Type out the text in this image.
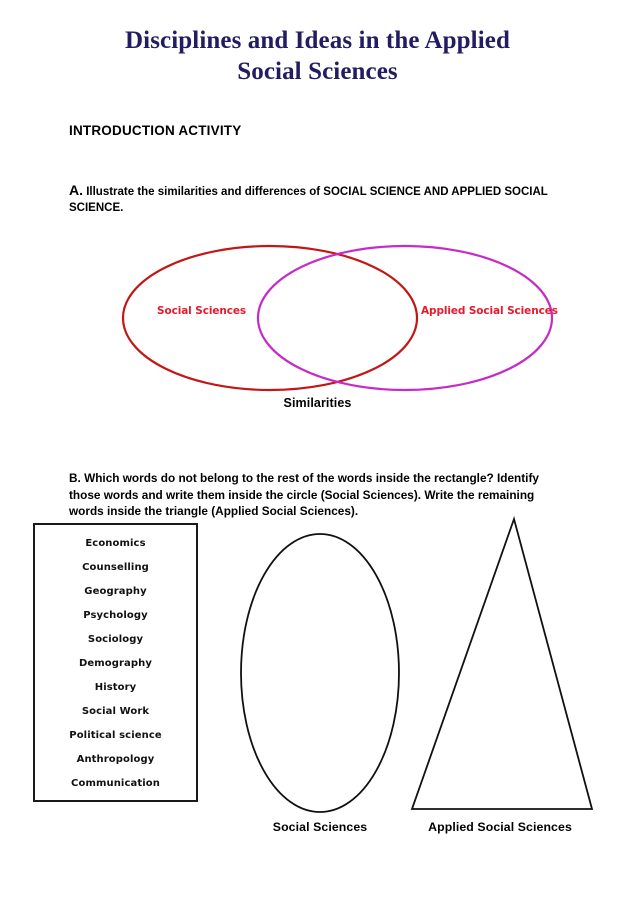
Disciplines and Ideas in the Applied
Social Sciences
INTRODUCTION ACTIVITY
A. Illustrate the similarities and differences of SOCIAL SCIENCE AND APPLIED SOCIAL SCIENCE.
Social Sciences	Applied Social Sciences
Similarities
B. Which words do not belong to the rest of the words inside the rectangle? Identify those words and write them inside the circle (Social Sciences). Write the remaining words inside the triangle (Applied Social Sciences).
Economics
Counselling
Geography
Psychology
Sociology
Demography
History
Social Work
Political science
Anthropology
Communication
Social Sciences	Applied Social Sciences
